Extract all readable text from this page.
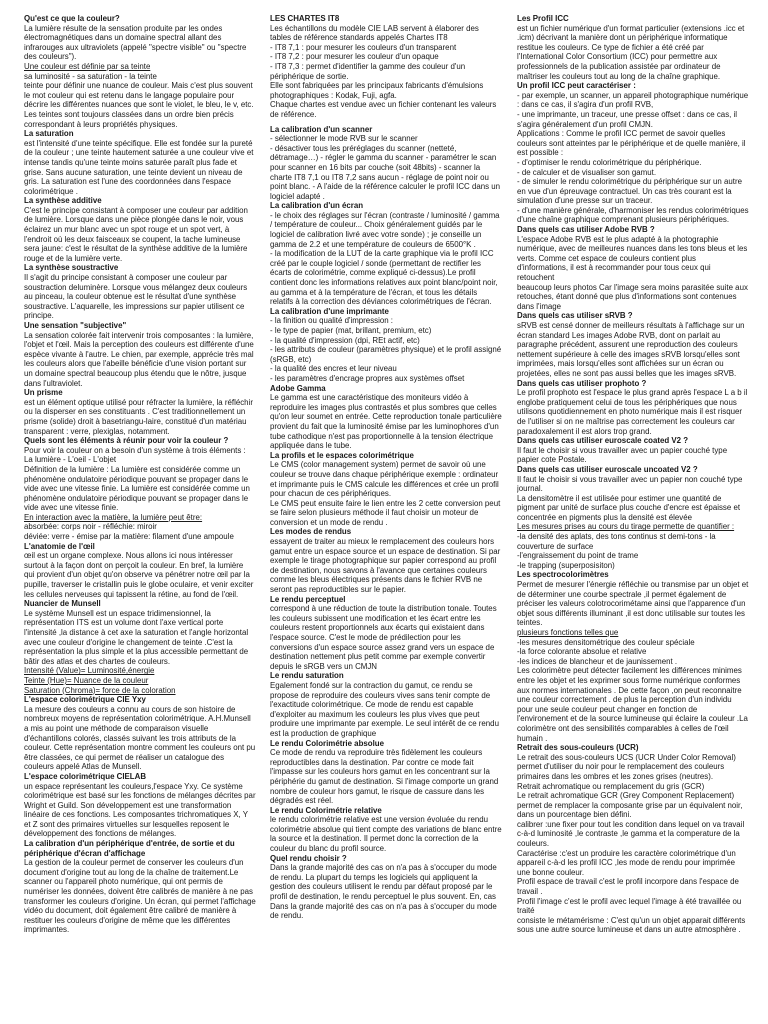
Qu'est ce que la couleur?

La lumière résulte de la sensation produite par les ondes électromagnétiques dans un domaine spectral allant des infrarouges aux ultraviolets (appelé "spectre visible" ou "spectre des couleurs").

Une couleur est définie par sa teinte

sa luminosité - sa saturation - la teinte

teinte pour définir une nuance de couleur. Mais c'est plus souvent le mot couleur qui est retenu dans le langage populaire pour décrire les différentes nuances que sont le violet, le bleu, le v, etc. Les teintes sont toujours classées dans un ordre bien précis correspondant à leurs propriétés physiques.

La saturation

est l'intensité d'une teinte spécifique. Elle est fondée sur la pureté de la couleur ; une teinte hautement saturée a une couleur vive et intense tandis qu'une teinte moins saturée paraît plus fade et grise. Sans aucune saturation, une teinte devient un niveau de gris. La saturation est l'une des coordonnées dans l'espace colorimétrique .

La synthèse additive

C'est le principe consistant à composer une couleur par addition de lumière. Lorsque dans une pièce plongée dans le noir, vous éclairez un mur blanc avec un spot rouge et un spot vert, à l'endroit où les deux faisceaux se coupent, la tache lumineuse sera jaune: c'est le résultat de la synthèse additive de la lumière rouge et de la lumière verte.

La synthèse soustractive

Il s'agit du principe consistant à composer une couleur par soustraction deluminère. Lorsque vous mélangez deux couleurs au pinceau, la couleur obtenue est le résultat d'une synthèse soustractive. L'aquarelle, les impressions sur papier utilisent ce principe.

Une sensation "subjective"

La sensation colorée fait intervenir trois composantes : la lumière, l'objet et l'œil. Mais la perception des couleurs est différente d'une espèce vivante à l'autre. Le chien, par exemple, apprécie très mal les couleurs alors que l'abeille bénéficie d'une vision portant sur un domaine spectral beaucoup plus étendu que le nôtre, jusque dans l'ultraviolet.

Un prisme

est un élément optique utilisé pour réfracter la lumière, la réfléchir ou la disperser en ses constituants . C'est traditionnellement un prisme (solide) droit à basetriangu-laire, constitué d'un matériau transparent : verre, plexiglas, notamment.

Quels sont les éléments à réunir pour voir la couleur ?

Pour voir la couleur on a besoin d'un système à trois éléments : La lumière - L'oeil - L'objet

Définition de la lumière : La lumière est considérée comme un phénomène ondulatoire périodique pouvant se propager dans le vide avec une vitesse finie. La lumière est considérée comme un phénomène ondulatoire périodique pouvant se propager dans le vide avec une vitesse finie.

En interaction avec la matière, la lumière peut être:

absorbée: corps noir - réfléchie: miroir

déviée: verre - émise par la matière: filament d'une ampoule

L'anatomie de l'œil

œil est un organe complexe. Nous allons ici nous intéresser surtout à la façon dont on perçoit la couleur. En bref, la lumière qui provient d'un objet qu'on observe va pénétrer notre œil par la pupille, traverser le cristallin puis le globe oculaire, et venir exciter les cellules nerveuses qui tapissent la rétine, au fond de l'œil.

Nuancier de Munsell

Le système Munsell est un espace tridimensionnel, la représentation ITS est un volume dont l'axe vertical porte l'intensité ,la distance à cet axe la saturation et l'angle horizontal avec une couleur d'origine le changement de teinte .C'est la représentation la plus simple et la plus accessible permettant de bâtir des atlas et des chartes de couleurs.

Intensité (Value)= Luminosité,énergie

Teinte (Hue)= Nuance de la couleur

Saturation (Chroma)= force de la coloration

L'espace colorimétrique CIE Yxy

La mesure des couleurs a connu au cours de son histoire de nombreux moyens de représentation colorimétrique. A.H.Munsell a mis au point une méthode de comparaison visuelle d'échantillons colorés, classés suivant les trois attributs de la couleur. Cette représentation montre comment les couleurs ont pu être classées, ce qui permet de réaliser un catalogue des couleurs appelé Atlas de Munsell.

L'espace colorimétrique CIELAB

un espace représentant les couleurs,l'espace Yxy. Ce système colorimétrique est basé sur les fonctions de mélanges décrites par Wright et Guild. Son développement est une transformation linéaire de ces fonctions. Les composantes trichromatiques X, Y et Z sont des primaires virtuelles sur lesquelles reposent le développement des fonctions de mélanges.

La calibration d'un périphérique d'entrée, de sortie et du périphérique d'écran d'affichage

La gestion de la couleur permet de conserver les couleurs d'un document d'origine tout au long de la chaîne de traitement.Le scanner ou l'appareil photo numérique, qui ont permis de numériser les données, doivent être calibrés de manière à ne pas transformer les couleurs d'origine. Un écran, qui permet l'affichage vidéo du document, doit également être calibré de manière à restituer les couleurs d'origine de même que les différentes imprimantes.

LES CHARTES IT8

Les échantillons du modèle CIE LAB servent à élaborer des tables de référence standards appelés Chartes IT8

- IT8 7,1 : pour mesurer les couleurs d'un transparent

- IT8 7,2 : pour mesurer les couleur d'un opaque

- IT8 7,3 : permet d'identifier la gamme des couleur d'un périphérique de sortie.

Elle sont fabriquées par les principaux fabricants d'émulsions photographiques : Kodak, Fuji, agfa.

Chaque chartes est vendue avec un fichier contenant les valeurs de référence.

La calibration d'un scanner

- sélectionner le mode RVB sur le scanner

- désactiver tous les préréglages du scanner (netteté, détramage…) - régler le gamma du scanner - paramétrer le scan pour scanner en 16 bits par couche (soit 48bits) - scanner la charte IT8 7,1 ou IT8 7,2 sans aucun - réglage de point noir ou point blanc. - A l'aide de la référence calculer le profil ICC dans un logiciel adapté .

La calibration d'un écran

- le choix des réglages sur l'écran (contraste / luminosité / gamma / température de couleur... Choix généralement guidés par le logiciel de calibration livré avec votre sonde) ; je conseille un gamma de 2.2 et une température de couleurs de 6500°K .

- la modification de la LUT de la carte graphique via le profil ICC créé par le couple logiciel / sonde (permettant de rectifier les écarts de colorimétrie, comme expliqué ci-dessus).Le profil contient donc les informations relatives aux point blanc/point noir, au gamma et à la température de l'écran, et tous les détails relatifs à la correction des déviances colorimétriques de l'écran.

La calibration d'une imprimante

- la finition ou qualité d'impression :

- le type de papier (mat, brillant, premium, etc)

- la qualité d'impression (dpi, REt actif, etc)

- les attributs de couleur (paramètres physique) et le profil assigné (sRGB, etc)

- la qualité des encres et leur niveau

- les paramètres d'encrage propres aux systèmes offset

Adobe Gamma

Le gamma est une caractéristique des moniteurs vidéo à reproduire les images plus contrastés et plus sombres que celles qu'on leur soumet en entrée. Cette reproduction tonale particulière provient du fait que la luminosité émise par les luminophores d'un tube cathodique n'est pas proportionnelle à la tension électrique appliquée dans le tube.

La profils et le espaces colorimétrique

Le CMS (color management system) permet de savoir où une couleur se trouve dans chaque périphérique exemple : ordinateur et imprimante puis le CMS calcule les différences et crée un profil pour chacun de ces périphériques.

Le CMS peut ensuite faire le lien entre les 2 cette conversion peut se faire selon plusieurs méthode il faut choisir un moteur de conversion et un mode de rendu .

Les modes de rendus

essayent de traiter au mieux le remplacement des couleurs hors gamut entre un espace source et un espace de destination. Si par exemple le tirage photographique sur papier correspond au profil de destination, nous savons à l'avance que certaines couleurs comme les bleus électriques présents dans le fichier RVB ne seront pas reproductibles sur le papier.

Le rendu perceptuel

correspond à une réduction de toute la distribution tonale. Toutes les couleurs subissent une modification et les écart entre les couleurs restent proportionnels aux écarts qui existaient dans l'espace source. C'est le mode de prédilection pour les conversions d'un espace source assez grand vers un espace de destination nettement plus petit comme par exemple convertir depuis le sRGB vers un CMJN

Le rendu saturation

Egalement fondé sur la contraction du gamut, ce rendu se propose de reproduire des couleurs vives sans tenir compte de l'exactitude colorimétrique. Ce mode de rendu est capable d'exploiter au maximum les couleurs les plus vives que peut produire une imprimante par exemple. Le seul intérêt de ce rendu est la production de graphique

Le rendu Colorimétrie absolue

Ce mode de rendu va reproduire très fidèlement les couleurs reproductibles dans la destination. Par contre ce mode fait l'impasse sur les couleurs hors gamut en les concentrant sur la périphérie du gamut de destination. Si l'image comporte un grand nombre de couleur hors gamut, le risque de cassure dans les dégradés est réel.

Le rendu Colorimétrie relative

le rendu colorimétrie relative est une version évoluée du rendu colorimétrie absolue qui tient compte des variations de blanc entre la source et la destination. Il permet donc la correction de la couleur du blanc du profil source.

Quel rendu choisir ?

Dans la grande majorité des cas on n'a pas à s'occuper du mode de rendu. La plupart du temps les logiciels qui appliquent la gestion des couleurs utilisent le rendu par défaut proposé par le profil de destination, le rendu perceptuel le plus souvent. En, cas Dans la grande majorité des cas on n'a pas à s'occuper du mode de rendu.

Les Profil ICC

est un fichier numérique d'un format particulier (extensions .icc et .icm) décrivant la manière dont un périphérique informatique restitue les couleurs. Ce type de fichier a été créé par l'International Color Consortium (ICC) pour permettre aux professionnels de la publication assistée par ordinateur de maîtriser les couleurs tout au long de la chaîne graphique.

Un profil ICC peut caractériser :

- par exemple, un scanner, un appareil photographique numérique : dans ce cas, il s'agira d'un profil RVB,

- une imprimante, un traceur, une presse offset : dans ce cas, il s'agira généralement d'un profil CMJN.

Applications : Comme le profil ICC permet de savoir quelles couleurs sont atteintes par le périphérique et de quelle manière, il est possible :

- d'optimiser le rendu colorimétrique du périphérique.

- de calculer et de visualiser son gamut.

- de simuler le rendu colorimétrique du périphérique sur un autre en vue d'un épreuvage contractuel. Un cas très courant est la simulation d'une presse sur un traceur.

- d'une manière générale, d'harmoniser les rendus colorimétriques d'une chaîne graphique comprenant plusieurs périphériques.

Dans quels cas utiliser Adobe RVB ?

L'espace Adobe RVB est le plus adapté à la photographie numérique, avec de meilleures nuances dans les tons bleus et les verts. Comme cet espace de couleurs contient plus d'informations, il est à recommander pour tous ceux qui retouchent

beaucoup leurs photos Car l'image sera moins parasitée suite aux retouches, étant donné que plus d'informations sont contenues dans l'image

Dans quels cas utiliser sRVB ?

sRVB est censé donner de meilleurs résultats à l'affichage sur un écran standard Les images Adobe RVB, dont on parlait au paragraphe précédent, assurent une reproduction des couleurs nettement supérieure à celle des images sRVB lorsqu'elles sont imprimées, mais lorsqu'elles sont affichées sur un écran ou projetées, elles ne sont pas aussi belles que les images sRVB.

Dans quels cas utiliser prophoto ?

Le profil prophoto est l'espace le plus grand après l'espace L a b il englobe pratiquement celui de tous les périphériques que nous utilisons quotidiennement en photo numérique mais il est risquer de l'utiliser si on ne maîtrise pas correctement les couleurs car paradoxalement il est alors trop grand.

Dans quels cas utiliser euroscale coated V2 ?

Il faut le choisir si vous travailler avec un papier couché type papier cote Postale.

Dans quels cas utiliser euroscale uncoated V2 ?

Il faut le choisir si vous travailler avec un papier non couché type journal.

La densitomètre il est utilisée pour estimer une quantité de pigment par unité de surface plus couche d'encre est épaisse et concentrée en pigments plus la densité est élevée

Les mesures prises au cours du tirage permette de quantifier :

-la densité des aplats, des tons continus st demi-tons - la couverture de surface

-l'engraissement du point de trame

-le trapping (superposisiton)

Les spectrocolorimètres

Permet de mesurer l'énergie réfléchie ou transmise par un objet et de déterminer une courbe spectrale ,il permet également de préciser les valeurs colotrocorimétame ainsi que l'apparence d'un objet sous différents illuminant ,il est donc utilisable sur toutes les teintes.

plusieurs fonctions telles que

-les mesures densitométrique des couleur spéciale

-la force colorante absolue et relative

-les indices de blancheur et de jaunissement .

Les colorimètre peut détecter facilement les différences minimes entre les objet et les exprimer sous forme numérique conformes aux normes internationales . De cette façon ,on peut reconnaitre une couleur correctement . de plus la perception d'un individu pour une seule couleur peut changer en fonction de l'environement et de la source lumineuse qui éclaire la couleur .La colorimètre ont des sensibilités comparables à celles de l'œil humain .

Retrait des sous-couleurs (UCR)

Le retrait des sous-couleurs UCS (UCR Under Color Removal) permet d'utiliser du noir pour le remplacement des couleurs primaires dans les ombres et les zones grises (neutres).

Retrait achromatique ou remplacement du gris (GCR)

Le retrait achromatique GCR (Grey Component Replacement) permet de remplacer la composante grise par un équivalent noir, dans un pourcentage bien défini.

calibrer :une fixer pour tout les condition dans lequel on va travail c-à-d luminosité ,le contraste ,le gamma et la comperature de la couleurs.

Caractérise :c'est un produire les caractère colorimétrique d'un appareil c-à-d les profil ICC ,les mode de rendu pour imprimée une bonne couleur.

Profil espace de travail c'est le profil incorpore dans l'espace de travail .

Profil l'image c'est le profil avec lequel l'image à été travaillée ou traité

consiste le métamérisme : C'est qu'un un objet apparait différents sous une autre source lumineuse et dans un autre atmosphère .
